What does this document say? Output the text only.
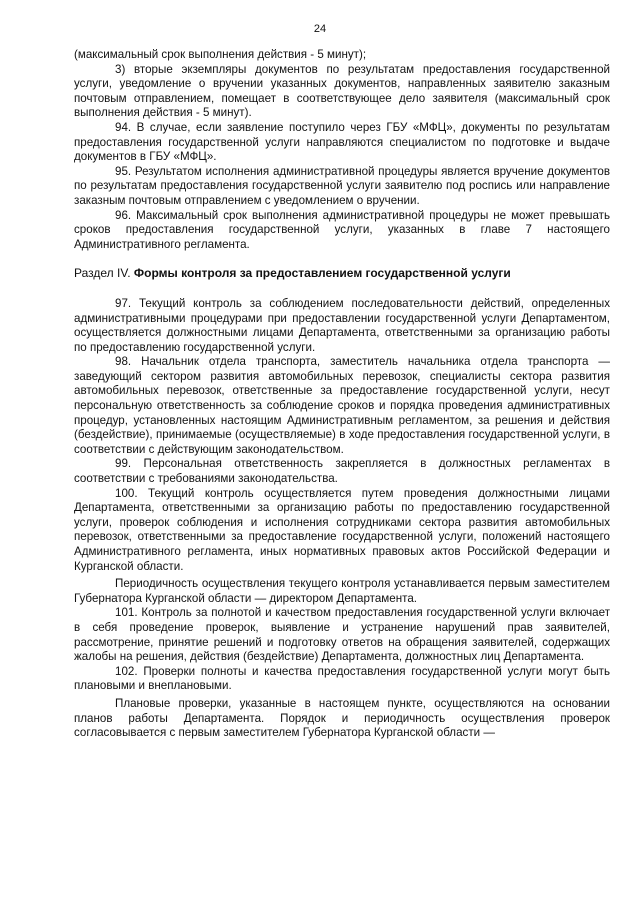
24

(максимальный срок выполнения действия - 5 минут);

3) вторые экземпляры документов по результатам предоставления государственной услуги, уведомление о вручении указанных документов, направленных заявителю заказным почтовым отправлением, помещает в соответствующее дело заявителя (максимальный срок выполнения действия - 5 минут).

94. В случае, если заявление поступило через ГБУ «МФЦ», документы по результатам предоставления государственной услуги направляются специалистом по подготовке и выдаче документов в ГБУ «МФЦ».

95. Результатом исполнения административной процедуры является вручение документов по результатам предоставления государственной услуги заявителю под роспись или направление заказным почтовым отправлением с уведомлением о вручении.

96. Максимальный срок выполнения административной процедуры не может превышать сроков предоставления государственной услуги, указанных в главе 7 настоящего Административного регламента.

Раздел IV. Формы контроля за предоставлением государственной услуги

97. Текущий контроль за соблюдением последовательности действий, определенных административными процедурами при предоставлении государственной услуги Департаментом, осуществляется должностными лицами Департамента, ответственными за организацию работы по предоставлению государственной услуги.

98. Начальник отдела транспорта, заместитель начальника отдела транспорта — заведующий сектором развития автомобильных перевозок, специалисты сектора развития автомобильных перевозок, ответственные за предоставление государственной услуги, несут персональную ответственность за соблюдение сроков и порядка проведения административных процедур, установленных настоящим Административным регламентом, за решения и действия (бездействие), принимаемые (осуществляемые) в ходе предоставления государственной услуги, в соответствии с действующим законодательством.

99. Персональная ответственность закрепляется в должностных регламентах в соответствии с требованиями законодательства.

100. Текущий контроль осуществляется путем проведения должностными лицами Департамента, ответственными за организацию работы по предоставлению государственной услуги, проверок соблюдения и исполнения сотрудниками сектора развития автомобильных перевозок, ответственными за предоставление государственной услуги, положений настоящего Административного регламента, иных нормативных правовых актов Российской Федерации и Курганской области.

Периодичность осуществления текущего контроля устанавливается первым заместителем Губернатора Курганской области — директором Департамента.

101. Контроль за полнотой и качеством предоставления государственной услуги включает в себя проведение проверок, выявление и устранение нарушений прав заявителей, рассмотрение, принятие решений и подготовку ответов на обращения заявителей, содержащих жалобы на решения, действия (бездействие) Департамента, должностных лиц Департамента.

102. Проверки полноты и качества предоставления государственной услуги могут быть плановыми и внеплановыми.

Плановые проверки, указанные в настоящем пункте, осуществляются на основании планов работы Департамента. Порядок и периодичность осуществления проверок согласовывается с первым заместителем Губернатора Курганской области —
